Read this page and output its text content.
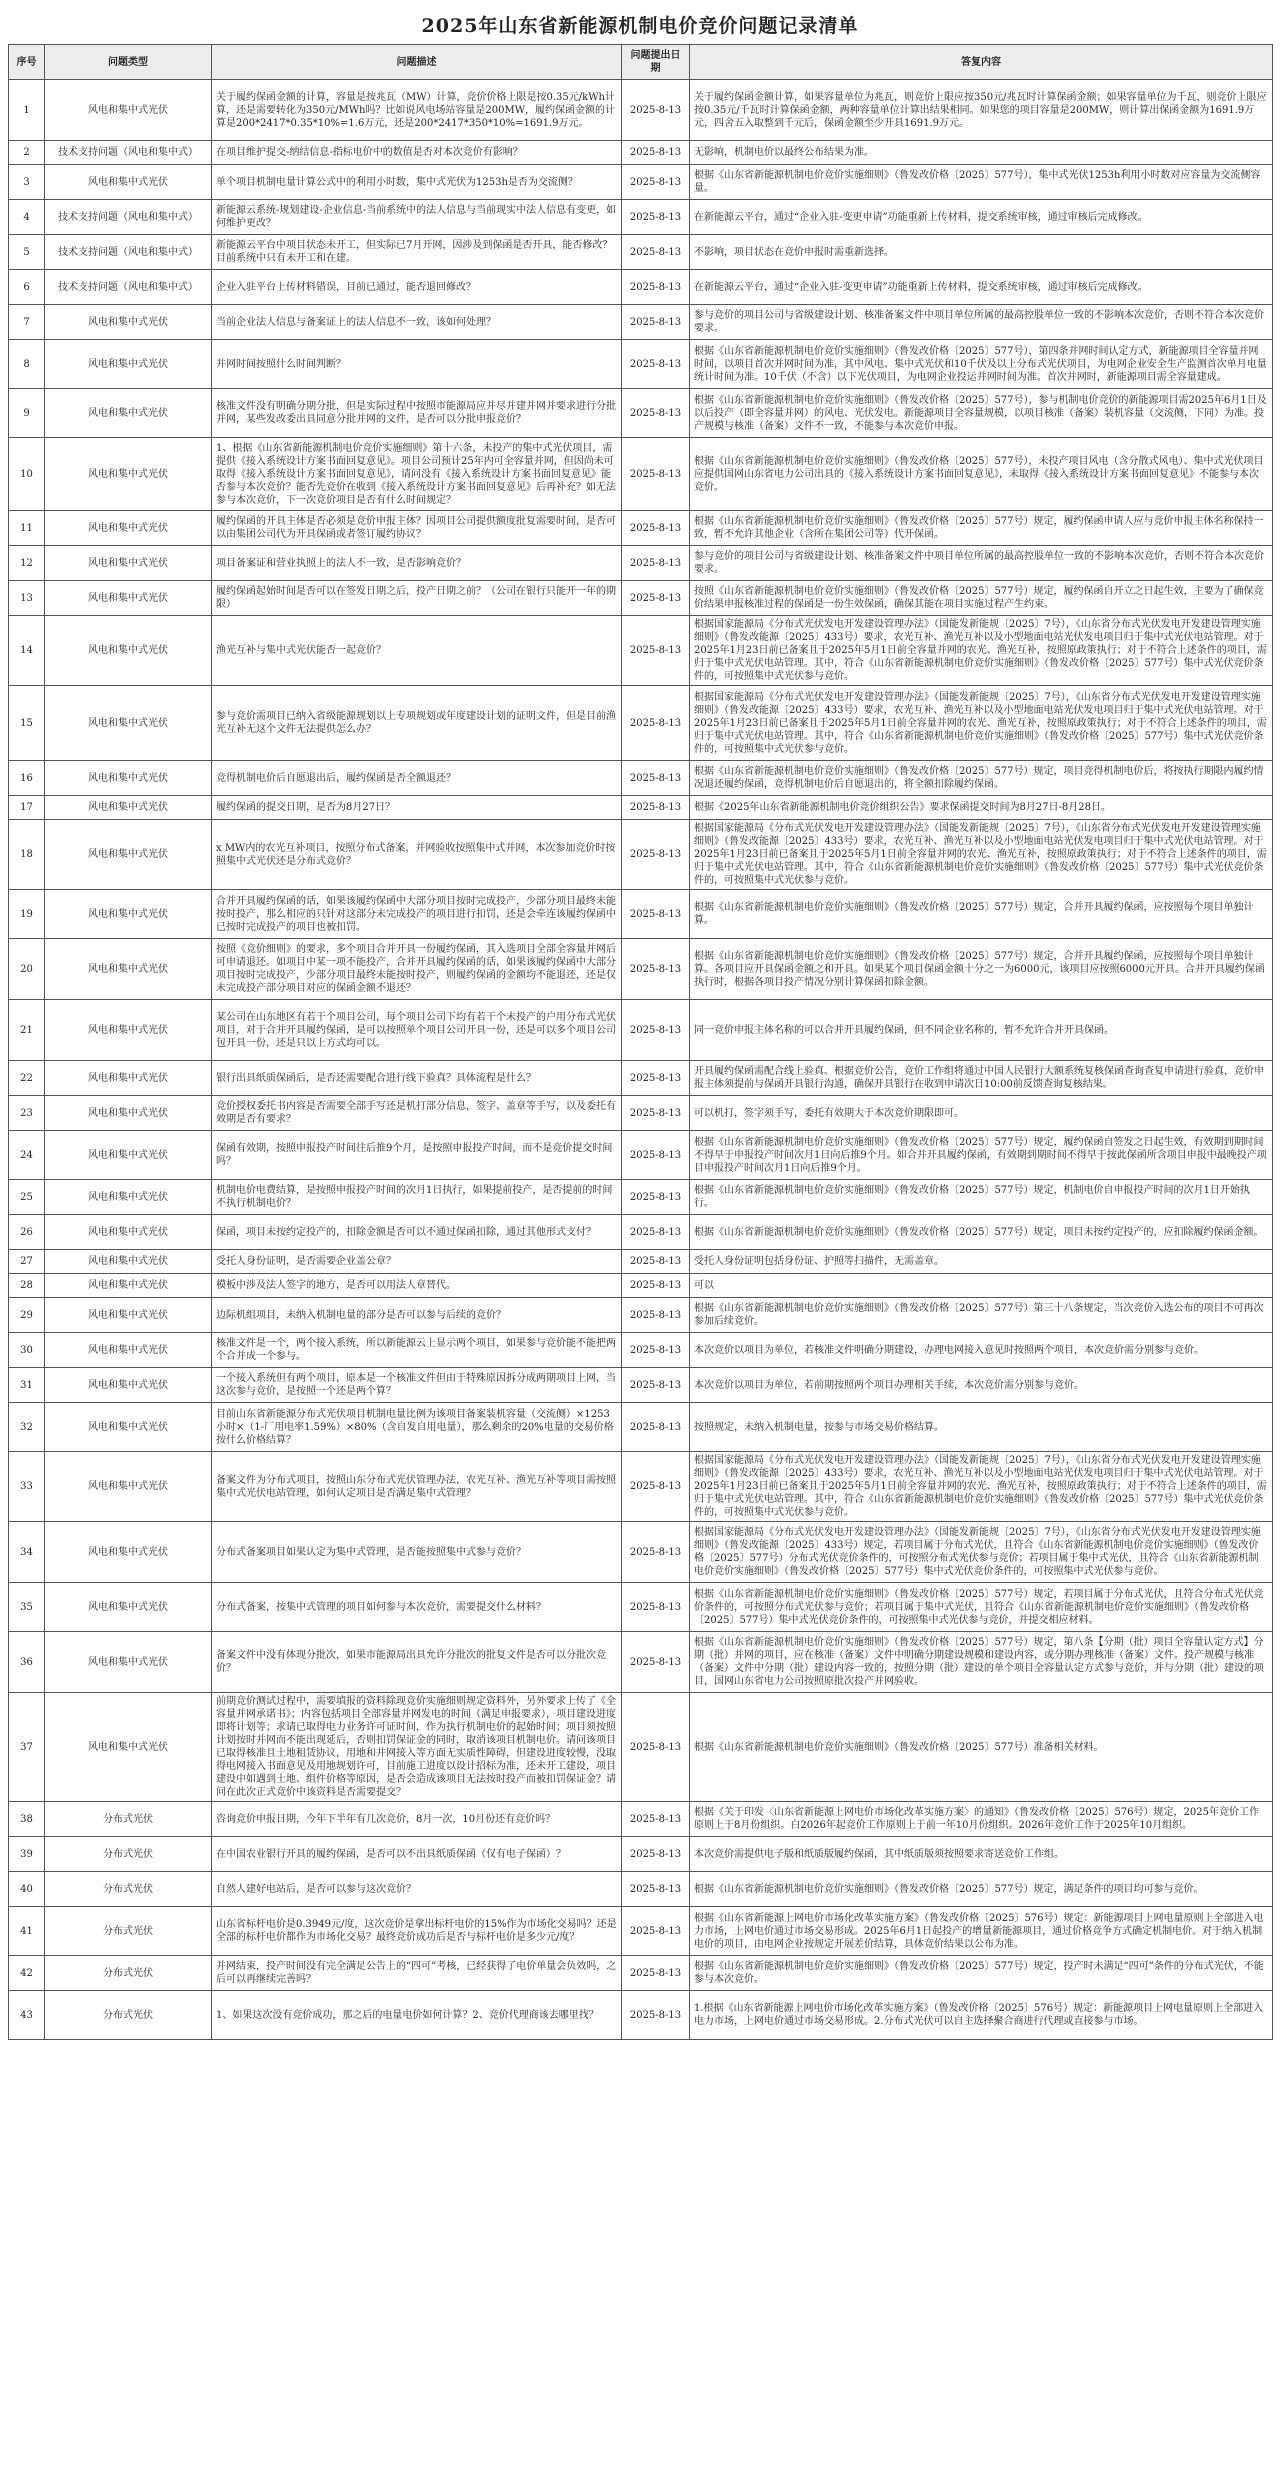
2025年山东省新能源机制电价竞价问题记录清单
序号	问题类型	问题描述	问题提出日期	答复内容
1	风电和集中式光伏	关于履约保函金额的计算，容量是按兆瓦（MW）计算，竞价价格上限是按0.35元/kWh计算，还是需要转化为350元/MWh吗？比如说风电场站容量是200MW，履约保函金额的计算是200*2417*0.35*10%=1.6万元，还是200*2417*350*10%=1691.9万元。	2025-8-13	关于履约保函金额计算，如果容量单位为兆瓦，则竞价上限应按350元/兆瓦时计算保函金额；如果容量单位为千瓦，则竞价上限应按0.35元/千瓦时计算保函金额，两种容量单位计算出结果相同。如果您的项目容量是200MW，则计算出保函金额为1691.9万元，四舍五入取整到千元后，保函金额至少开具1691.9万元。
2	技术支持问题（风电和集中式）	在项目维护提交-纳结信息-指标电价中的数值是否对本次竞价有影响？	2025-8-13	无影响，机制电价以最终公布结果为准。
3	风电和集中式光伏	单个项目机制电量计算公式中的利用小时数，集中式光伏为1253h是否为交流侧？	2025-8-13	根据《山东省新能源机制电价竞价实施细则》（鲁发改价格〔2025〕577号），集中式光伏1253h利用小时数对应容量为交流侧容量。
4	技术支持问题（风电和集中式）	新能源云系统-规划建设-企业信息-当前系统中的法人信息与当前现实中法人信息有变更，如何维护更改？	2025-8-13	在新能源云平台，通过“企业入驻-变更申请”功能重新上传材料，提交系统审核，通过审核后完成修改。
5	技术支持问题（风电和集中式）	新能源云平台中项目状态未开工，但实际已7月开网，因涉及到保函是否开具，能否修改？目前系统中只有未开工和在建。	2025-8-13	不影响，项目状态在竞价申报时需重新选择。
6	技术支持问题（风电和集中式）	企业入驻平台上传材料错误，目前已通过，能否退回修改？	2025-8-13	在新能源云平台，通过“企业入驻-变更申请”功能重新上传材料，提交系统审核，通过审核后完成修改。
7	风电和集中式光伏	当前企业法人信息与备案证上的法人信息不一致，该如何处理？	2025-8-13	参与竞价的项目公司与省级建设计划、核准备案文件中项目单位所属的最高控股单位一致的不影响本次竞价，否则不符合本次竞价要求。
8	风电和集中式光伏	并网时间按照什么时间判断？	2025-8-13	根据《山东省新能源机制电价竞价实施细则》（鲁发改价格〔2025〕577号），第四条并网时间认定方式，新能源项目全容量并网时间，以项目首次并网时间为准，其中风电、集中式光伏和10千伏及以上分布式光伏项目，为电网企业安全生产监测首次单月电量统计时间为准。10千伏（不含）以下光伏项目，为电网企业投运并网时间为准。首次并网时，新能源项目需全容量建成。
9	风电和集中式光伏	核准文件没有明确分期分批，但是实际过程中按照市能源局应并尽并建并网并要求进行分批并网，某些发改委出具同意分批并网的文件，是否可以分批申报竞价？	2025-8-13	根据《山东省新能源机制电价竞价实施细则》（鲁发改价格〔2025〕577号），参与机制电价竞价的新能源项目需2025年6月1日及以后投产（即全容量并网）的风电、光伏发电。新能源项目全容量规模，以项目核准（备案）装机容量（交流侧，下同）为准。投产规模与核准（备案）文件不一致，不能参与本次竞价申报。
10	风电和集中式光伏	1、根据《山东省新能源机制电价竞价实施细则》第十六条，未投产的集中式光伏项目，需提供《接入系统设计方案书面回复意见》。项目公司预计25年内可全容量并网，但因尚未可取得《接入系统设计方案书面回复意见》，请问没有《接入系统设计方案书面回复意见》能否参与本次竞价？能否先竞价在收到《接入系统设计方案书面回复意见》后再补充？如无法参与本次竞价，下一次竞价项目是否有什么时间规定？	2025-8-13	根据《山东省新能源机制电价竞价实施细则》（鲁发改价格〔2025〕577号），未投产项目风电（含分散式风电）、集中式光伏项目应提供国网山东省电力公司出具的《接入系统设计方案书面回复意见》，未取得《接入系统设计方案书面回复意见》不能参与本次竞价。
11	风电和集中式光伏	履约保函的开具主体是否必须是竞价申报主体？因项目公司提供额度批复需要时间，是否可以由集团公司代为开具保函或者签订履约协议？	2025-8-13	根据《山东省新能源机制电价竞价实施细则》（鲁发改价格〔2025〕577号）规定，履约保函申请人应与竞价申报主体名称保持一致，暂不允许其他企业（含所在集团公司等）代开保函。
12	风电和集中式光伏	项目备案证和营业执照上的法人不一致，是否影响竞价？	2025-8-13	参与竞价的项目公司与省级建设计划、核准备案文件中项目单位所属的最高控股单位一致的不影响本次竞价，否则不符合本次竞价要求。
13	风电和集中式光伏	履约保函起始时间是否可以在签发日期之后，投产日期之前？（公司在银行只能开一年的期限）	2025-8-13	按照《山东省新能源机制电价竞价实施细则》（鲁发改价格〔2025〕577号）规定，履约保函自开立之日起生效，主要为了确保竞价结果申报核准过程的保函是一份生效保函，确保其能在项目实施过程产生约束。
14	风电和集中式光伏	渔光互补与集中式光伏能否一起竞价？	2025-8-13	根据国家能源局《分布式光伏发电开发建设管理办法》（国能发新能规〔2025〕7号），《山东省分布式光伏发电开发建设管理实施细则》（鲁发改能源〔2025〕433号）要求，农光互补、渔光互补以及小型地面电站光伏发电项目归于集中式光伏电站管理。对于2025年1月23日前已备案且于2025年5月1日前全容量并网的农光、渔光互补，按照原政策执行；对于不符合上述条件的项目，需归于集中式光伏电站管理。其中，符合《山东省新能源机制电价竞价实施细则》（鲁发改价格〔2025〕577号）集中式光伏竞价条件的，可按照集中式光伏参与竞价。
15	风电和集中式光伏	参与竞价需项目已纳入省级能源规划以上专项规划或年度建设计划的证明文件，但是目前渔光互补无这个文件无法提供怎么办？	2025-8-13	根据国家能源局《分布式光伏发电开发建设管理办法》（国能发新能规〔2025〕7号），《山东省分布式光伏发电开发建设管理实施细则》（鲁发改能源〔2025〕433号）要求，农光互补、渔光互补以及小型地面电站光伏发电项目归于集中式光伏电站管理。对于2025年1月23日前已备案且于2025年5月1日前全容量并网的农光、渔光互补，按照原政策执行；对于不符合上述条件的项目，需归于集中式光伏电站管理。其中，符合《山东省新能源机制电价竞价实施细则》（鲁发改价格〔2025〕577号）集中式光伏竞价条件的，可按照集中式光伏参与竞价。
16	风电和集中式光伏	竞得机制电价后自愿退出后，履约保函是否全额退还？	2025-8-13	根据《山东省新能源机制电价竞价实施细则》（鲁发改价格〔2025〕577号）规定，项目竞得机制电价后，将按执行期限内履约情况退还履约保函，竞得机制电价后自愿退出的，将全额扣除履约保函。
17	风电和集中式光伏	履约保函的提交日期，是否为8月27日？	2025-8-13	根据《2025年山东省新能源机制电价竞价组织公告》要求保函提交时间为8月27日-8月28日。
18	风电和集中式光伏	x MW内的农光互补项目，按照分布式备案，并网验收按照集中式并网，本次参加竞价时按照集中式光伏还是分布式竞价？	2025-8-13	根据国家能源局《分布式光伏发电开发建设管理办法》（国能发新能规〔2025〕7号），《山东省分布式光伏发电开发建设管理实施细则》（鲁发改能源〔2025〕433号）要求，农光互补、渔光互补以及小型地面电站光伏发电项目归于集中式光伏电站管理。对于2025年1月23日前已备案且于2025年5月1日前全容量并网的农光、渔光互补，按照原政策执行；对于不符合上述条件的项目，需归于集中式光伏电站管理。其中，符合《山东省新能源机制电价竞价实施细则》（鲁发改价格〔2025〕577号）集中式光伏竞价条件的，可按照集中式光伏参与竞价。
19	风电和集中式光伏	合并开具履约保函的话，如果该履约保函中大部分项目按时完成投产，少部分项目最终未能按时投产，那么相应的只针对这部分未完成投产的项目进行扣罚，还是会牵连该履约保函中已按时完成投产的项目也被扣罚。	2025-8-13	根据《山东省新能源机制电价竞价实施细则》（鲁发改价格〔2025〕577号）规定，合并开具履约保函，应按照每个项目单独计算。
20	风电和集中式光伏	按照《竞价细则》的要求，多个项目合并开具一份履约保函，其入选项目全部全容量并网后可申请退还。如项目中某一项不能投产，合并开具履约保函的话，如果该履约保函中大部分项目按时完成投产，少部分项目最终未能按时投产，则履约保函的金额均不能退还，还是仅未完成投产部分项目对应的保函金额不退还？	2025-8-13	根据《山东省新能源机制电价竞价实施细则》（鲁发改价格〔2025〕577号）规定，合并开具履约保函，应按照每个项目单独计算。各项目应开具保函金额之和开具。如果某个项目保函金额十分之一为6000元，该项目应按照6000元开具。合并开具履约保函执行时，根据各项目投产情况分别计算保函扣除金额。
21	风电和集中式光伏	某公司在山东地区有若干个项目公司，每个项目公司下均有若干个未投产的户用分布式光伏项目，对于合并开具履约保函，是可以按照单个项目公司开具一份，还是可以多个项目公司包开具一份，还是只以上方式均可以。	2025-8-13	同一竞价申报主体名称的可以合并开具履约保函，但不同企业名称的，暂不允许合并开具保函。
22	风电和集中式光伏	银行出具纸质保函后，是否还需要配合进行线下验真？具体流程是什么？	2025-8-13	开具履约保函需配合线上验真。根据竞价公告，竞价工作组将通过中国人民银行大额系统复核保函查询查复申请进行验真，竞价申报主体须提前与保函开具银行沟通，确保开具银行在收到申请次日10:00前反馈查询复核结果。
23	风电和集中式光伏	竞价授权委托书内容是否需要全部手写还是机打部分信息，签字、盖章等手写，以及委托有效期是否有要求？	2025-8-13	可以机打，签字须手写，委托有效期大于本次竞价期限即可。
24	风电和集中式光伏	保函有效期，按照申报投产时间往后推9个月，是按照申报投产时间，而不是竞价提交时间吗？	2025-8-13	根据《山东省新能源机制电价竞价实施细则》（鲁发改价格〔2025〕577号）规定，履约保函自签发之日起生效，有效期到期时间不得早于申报投产时间次月1日向后推9个月。如合并开具履约保函，有效期到期时间不得早于按此保函所含项目申报中最晚投产项目申报投产时间次月1日向后推9个月。
25	风电和集中式光伏	机制电价电费结算，是按照申报投产时间的次月1日执行，如果提前投产，是否提前的时间不执行机制电价？	2025-8-13	根据《山东省新能源机制电价竞价实施细则》（鲁发改价格〔2025〕577号）规定，机制电价自申报投产时间的次月1日开始执行。
26	风电和集中式光伏	保函，项目未按约定投产的，扣除金额是否可以不通过保函扣除，通过其他形式支付？	2025-8-13	根据《山东省新能源机制电价竞价实施细则》（鲁发改价格〔2025〕577号）规定，项目未按约定投产的，应扣除履约保函金额。
27	风电和集中式光伏	受托人身份证明，是否需要企业盖公章？	2025-8-13	受托人身份证明包括身份证、护照等扫描件，无需盖章。
28	风电和集中式光伏	模板中涉及法人签字的地方，是否可以用法人章替代。	2025-8-13	可以
29	风电和集中式光伏	边际机组项目，未纳入机制电量的部分是否可以参与后续的竞价？	2025-8-13	根据《山东省新能源机制电价竞价实施细则》（鲁发改价格〔2025〕577号）第三十八条规定，当次竞价入选公布的项目不可再次参加后续竞价。
30	风电和集中式光伏	核准文件是一个，两个接入系统，所以新能源云上显示两个项目，如果参与竞价能不能把两个合并成一个参与。	2025-8-13	本次竞价以项目为单位，若核准文件明确分期建设，办理电网接入意见时按照两个项目，本次竞价需分别参与竞价。
31	风电和集中式光伏	一个接入系统但有两个项目，原本是一个核准文件但由于特殊原因拆分成两期项目上网，当这次参与竞价，是按照一个还是两个算？	2025-8-13	本次竞价以项目为单位，若前期按照两个项目办理相关手续，本次竞价需分别参与竞价。
32	风电和集中式光伏	目前山东省新能源分布式光伏项目机制电量比例为该项目备案装机容量（交流侧）×1253小时×（1-厂用电率1.59%）×80%（含自发自用电量），那么剩余的20%电量的交易价格按什么价格结算？	2025-8-13	按照规定，未纳入机制电量，按参与市场交易价格结算。
33	风电和集中式光伏	备案文件为分布式项目，按照山东分布式光伏管理办法，农光互补、渔光互补等项目需按照集中式光伏电站管理，如何认定项目是否满足集中式管理？	2025-8-13	根据国家能源局《分布式光伏发电开发建设管理办法》（国能发新能规〔2025〕7号），《山东省分布式光伏发电开发建设管理实施细则》（鲁发改能源〔2025〕433号）要求，农光互补、渔光互补以及小型地面电站光伏发电项目归于集中式光伏电站管理。对于2025年1月23日前已备案且于2025年5月1日前全容量并网的农光、渔光互补，按照原政策执行；对于不符合上述条件的项目，需归于集中式光伏电站管理。其中，符合《山东省新能源机制电价竞价实施细则》（鲁发改价格〔2025〕577号）集中式光伏竞价条件的，可按照集中式光伏参与竞价。
34	风电和集中式光伏	分布式备案项目如果认定为集中式管理，是否能按照集中式参与竞价？	2025-8-13	根据国家能源局《分布式光伏发电开发建设管理办法》（国能发新能规〔2025〕7号），《山东省分布式光伏发电开发建设管理实施细则》（鲁发改能源〔2025〕433号）规定，若项目属于分布式光伏，且符合《山东省新能源机制电价竞价实施细则》（鲁发改价格〔2025〕577号）分布式光伏竞价条件的，可按照分布式光伏参与竞价；若项目属于集中式光伏，且符合《山东省新能源机制电价竞价实施细则》（鲁发改价格〔2025〕577号）集中式光伏竞价条件的，可按照集中式光伏参与竞价。
35	风电和集中式光伏	分布式备案，按集中式管理的项目如何参与本次竞价，需要提交什么材料？	2025-8-13	根据《山东省新能源机制电价竞价实施细则》（鲁发改价格〔2025〕577号）规定，若项目属于分布式光伏，且符合分布式光伏竞价条件的，可按照分布式光伏参与竞价；若项目属于集中式光伏，且符合《山东省新能源机制电价竞价实施细则》（鲁发改价格〔2025〕577号）集中式光伏竞价条件的，可按照集中式光伏参与竞价，并提交相应材料。
36	风电和集中式光伏	备案文件中没有体现分批次，如果市能源局出具允许分批次的批复文件是否可以分批次竞价？	2025-8-13	根据《山东省新能源机制电价竞价实施细则》（鲁发改价格〔2025〕577号）规定，第八条【分期（批）项目全容量认定方式】分期（批）并网的项目，应在核准（备案）文件中明确分期建设规模和建设内容，或分期办理核准（备案）文件。投产规模与核准（备案）文件中分期（批）建设内容一致的，按照分期（批）建设的单个项目全容量认定方式参与竞价，并与分期（批）建设的项目，国网山东省电力公司按照原批次投产并网验收。
37	风电和集中式光伏	前期竞价测试过程中，需要填报的资料除现竞价实施细则规定资料外，另外要求上传了《全容量并网承诺书》；内容包括项目全部容量并网发电的时间（满足申报要求），项目建设进度即将计划等；求请已取得电力业务许可证时间，作为执行机制电价的起始时间；项目须按照计划按时并网而不能出现延后，否则扣罚保证金的同时，取消该项目机制电价。请问该项目已取得核准且土地租赁协议，用地和并网接入等方面无实质性障碍，但建设进度较慢，没取得电网接入书面意见及用地规划许可，目前施工进度以设计招标为准，还未开工建设，项目建设中如遇到土地、组件价格等原因，是否会造成该项目无法按时投产而被扣罚保证金？请问在此次正式竞价中该资料是否需要提交？	2025-8-13	根据《山东省新能源机制电价竞价实施细则》（鲁发改价格〔2025〕577号）准备相关材料。
38	分布式光伏	咨询竞价申报日期，今年下半年有几次竞价，8月一次，10月份还有竞价吗？	2025-8-13	根据《关于印发〈山东省新能源上网电价市场化改革实施方案〉的通知》（鲁发改价格〔2025〕576号）规定，2025年竞价工作原则上于8月份组织。白2026年起竞价工作原则上于前一年10月份组织。2026年竞价工作于2025年10月组织。
39	分布式光伏	在中国农业银行开具的履约保函，是否可以不出具纸质保函（仅有电子保函）？	2025-8-13	本次竞价需提供电子版和纸质版履约保函，其中纸质版须按照要求寄送竞价工作组。
40	分布式光伏	自然人建好电站后，是否可以参与这次竞价？	2025-8-13	根据《山东省新能源机制电价竞价实施细则》（鲁发改价格〔2025〕577号）规定，满足条件的项目均可参与竞价。
41	分布式光伏	山东省标杆电价是0.3949元/度，这次竞价是拿出标杆电价的15%作为市场化交易吗？还是全部的标杆电价都作为市场化交易？最终竞价成功后是否与标杆电价是多少元/度？	2025-8-13	根据《山东省新能源上网电价市场化改革实施方案》（鲁发改价格〔2025〕576号）规定：新能源项目上网电量原则上全部进入电力市场，上网电价通过市场交易形成。2025年6月1日起投产的增量新能源项目，通过价格竞争方式确定机制电价。对于纳入机制电价的项目，由电网企业按规定开展差价结算，具体竞价结果以公布为准。
42	分布式光伏	并网结束，投产时间没有完全满足公告上的“四可”考核，已经获得了电价单量会负效吗，之后可以再继续完善吗？	2025-8-13	根据《山东省新能源机制电价竞价实施细则》（鲁发改价格〔2025〕577号）规定，投产时未满足“四可”条件的分布式光伏，不能参与本次竞价。
43	分布式光伏	1、如果这次没有竞价成功，那之后的电量电价如何计算？2、竞价代理商该去哪里找？	2025-8-13	1.根据《山东省新能源上网电价市场化改革实施方案》（鲁发改价格〔2025〕576号）规定：新能源项目上网电量原则上全部进入电力市场，上网电价通过市场交易形成。2.分布式光伏可以自主选择聚合商进行代理或直接参与市场。
